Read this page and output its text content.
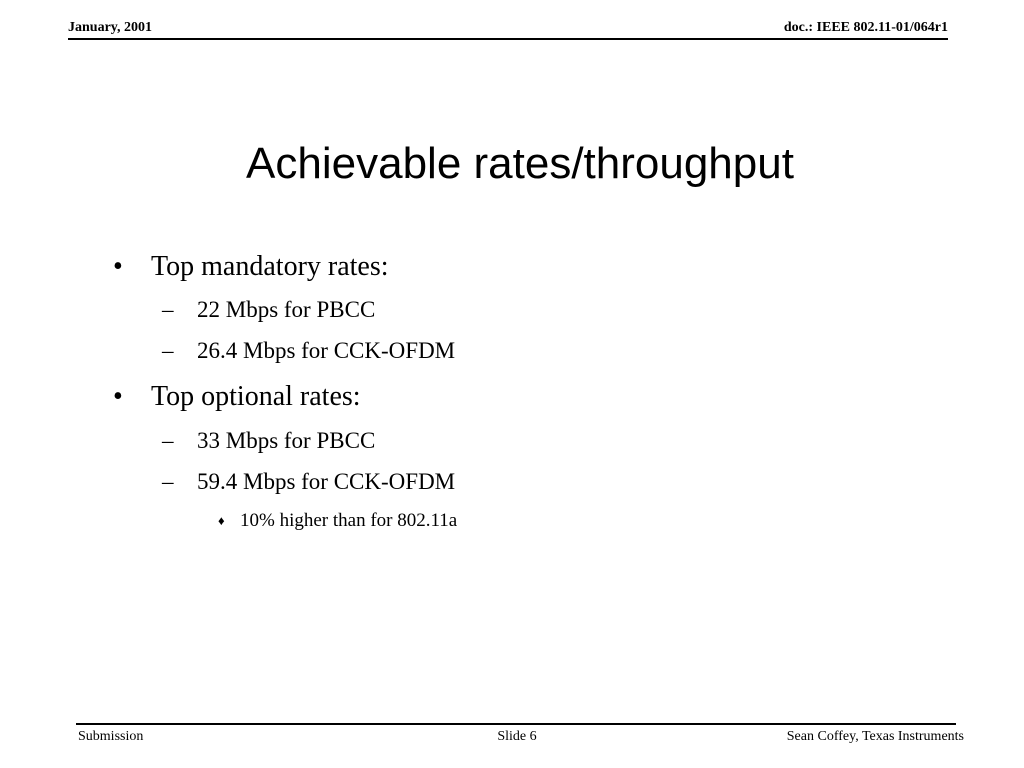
January, 2001	doc.: IEEE 802.11-01/064r1
Achievable rates/throughput
• Top mandatory rates:
– 22 Mbps for PBCC
– 26.4 Mbps for CCK-OFDM
• Top optional rates:
– 33 Mbps for PBCC
– 59.4 Mbps for CCK-OFDM
♦ 10% higher than for 802.11a
Submission	Slide 6	Sean Coffey, Texas Instruments
